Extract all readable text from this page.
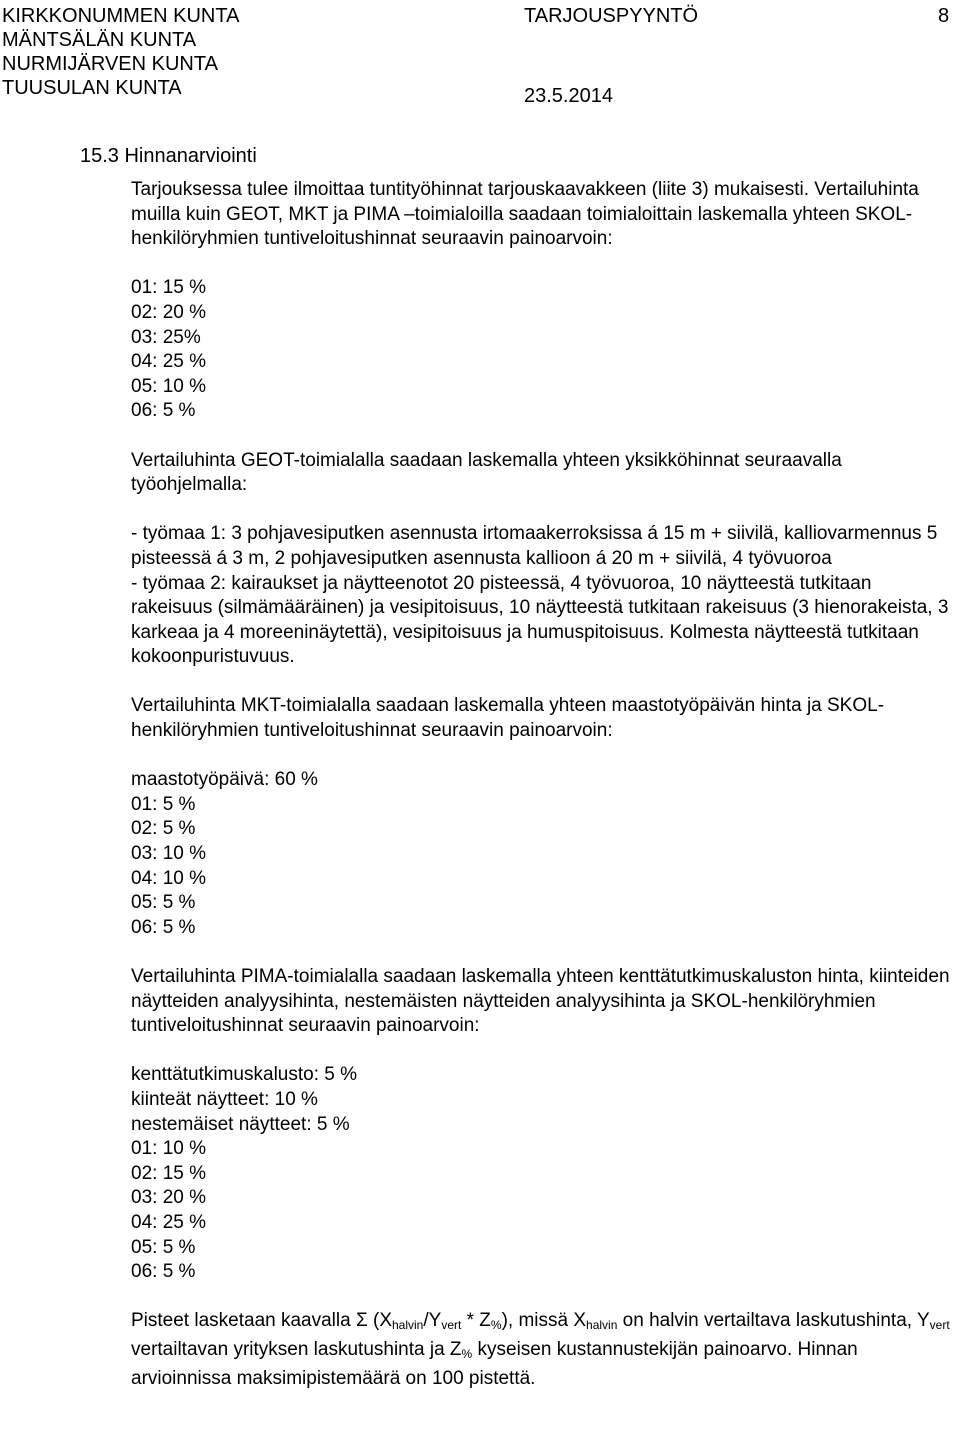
KIRKKONUMMEN KUNTA
MÄNTSÄLÄN KUNTA
NURMIJÄRVEN KUNTA
TUUSULAN KUNTA
TARJOUSPYYNTÖ	8
23.5.2014
15.3 Hinnanarviointi

Tarjouksessa tulee ilmoittaa tuntityöhinnat tarjouskaavakkeen (liite 3) mukaisesti. Vertailuhinta muilla kuin GEOT, MKT ja PIMA –toimialoilla saadaan toimialoittain laskemalla yhteen SKOL-henkilöryhmien tuntiveloitushinnat seuraavin painoarvoin:

01: 15 %
02: 20 %
03: 25%
04: 25 %
05: 10 %
06: 5 %

Vertailuhinta GEOT-toimialalla saadaan laskemalla yhteen yksikköhinnat seuraavalla työohjelmalla:

- työmaa 1: 3 pohjavesiputken asennusta irtomaakerroksissa á 15 m + siivilä, kalliovarmennus 5 pisteessä á 3 m, 2 pohjavesiputken asennusta kallioon á 20 m + siivilä, 4 työvuoroa

- työmaa 2: kairaukset ja näytteenotot 20 pisteessä, 4 työvuoroa, 10 näytteestä tutkitaan rakeisuus (silmämääräinen) ja vesipitoisuus, 10 näytteestä tutkitaan rakeisuus (3 hienorakeista, 3 karkeaa ja 4 moreeninäytettä), vesipitoisuus ja humuspitoisuus. Kolmesta näytteestä tutkitaan kokoonpuristuvuus.

Vertailuhinta MKT-toimialalla saadaan laskemalla yhteen maastotyöpäivän hinta ja SKOL-henkilöryhmien tuntiveloitushinnat seuraavin painoarvoin:

maastotyöpäivä: 60 %
01: 5 %
02: 5 %
03: 10 %
04: 10 %
05: 5 %
06: 5 %

Vertailuhinta PIMA-toimialalla saadaan laskemalla yhteen kenttätutkimuskaluston hinta, kiinteiden näytteiden analyysihinta, nestemäisten näytteiden analyysihinta ja SKOL-henkilöryhmien tuntiveloitushinnat seuraavin painoarvoin:

kenttätutkimuskalusto: 5 %
kiinteät näytteet: 10 %
nestemäiset näytteet: 5 %
01: 10 %
02: 15 %
03: 20 %
04: 25 %
05: 5 %
06: 5 %

Pisteet lasketaan kaavalla Σ $(X_{halvin}/Y_{vert} * Z_{\%})$, missä $X_{halvin}$ on halvin vertailtava laskutushinta, $Y_{vert}$ vertailtavan yrityksen laskutushinta ja $Z_{\%}$ kyseisen kustannustekijän painoarvo. Hinnan arvioinnissa maksimipistemäärä on 100 pistettä.
